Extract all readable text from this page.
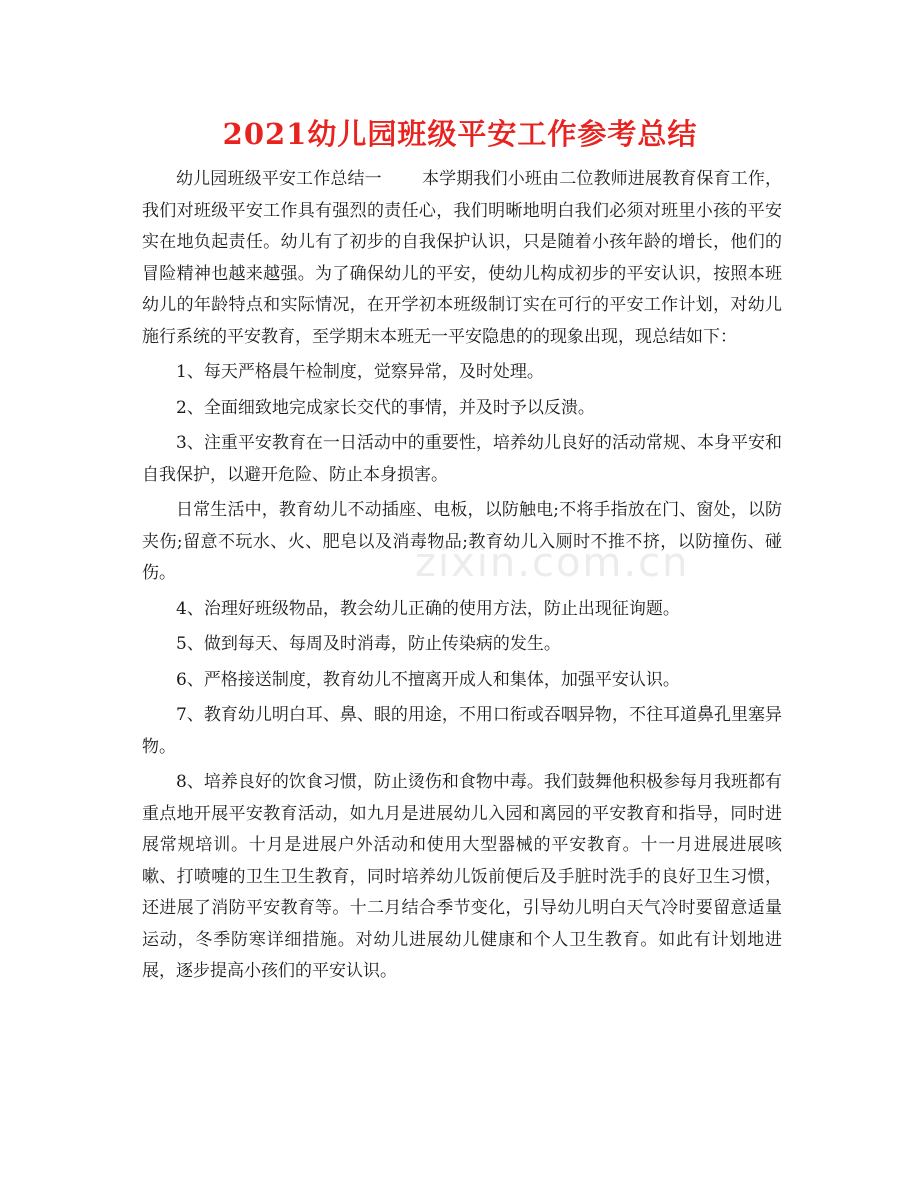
2021幼儿园班级平安工作参考总结

幼儿园班级平安工作总结一 本学期我们小班由二位教师进展教育保育工作，我们对班级平安工作具有强烈的责任心，我们明晰地明白我们必须对班里小孩的平安实在地负起责任。幼儿有了初步的自我保护认识，只是随着小孩年龄的增长，他们的冒险精神也越来越强。为了确保幼儿的平安，使幼儿构成初步的平安认识，按照本班幼儿的年龄特点和实际情况，在开学初本班级制订实在可行的平安工作计划，对幼儿施行系统的平安教育，至学期末本班无一平安隐患的的现象出现，现总结如下：

1、每天严格晨午检制度，觉察异常，及时处理。

2、全面细致地完成家长交代的事情，并及时予以反溃。

3、注重平安教育在一日活动中的重要性，培养幼儿良好的活动常规、本身平安和自我保护，以避开危险、防止本身损害。

日常生活中，教育幼儿不动插座、电板，以防触电;不将手指放在门、窗处，以防夹伤;留意不玩水、火、肥皂以及消毒物品;教育幼儿入厕时不推不挤，以防撞伤、碰伤。

4、治理好班级物品，教会幼儿正确的使用方法，防止出现征询题。

5、做到每天、每周及时消毒，防止传染病的发生。

6、严格接送制度，教育幼儿不擅离开成人和集体，加强平安认识。

7、教育幼儿明白耳、鼻、眼的用途，不用口衔或吞咽异物，不往耳道鼻孔里塞异物。

8、培养良好的饮食习惯，防止烫伤和食物中毒。我们鼓舞他积极参每月我班都有重点地开展平安教育活动，如九月是进展幼儿入园和离园的平安教育和指导，同时进展常规培训。十月是进展户外活动和使用大型器械的平安教育。十一月进展进展咳嗽、打喷嚏的卫生卫生教育，同时培养幼儿饭前便后及手脏时洗手的良好卫生习惯，还进展了消防平安教育等。十二月结合季节变化，引导幼儿明白天气冷时要留意适量运动，冬季防寒详细措施。对幼儿进展幼儿健康和个人卫生教育。如此有计划地进展，逐步提高小孩们的平安认识。

zixin.com.cn
